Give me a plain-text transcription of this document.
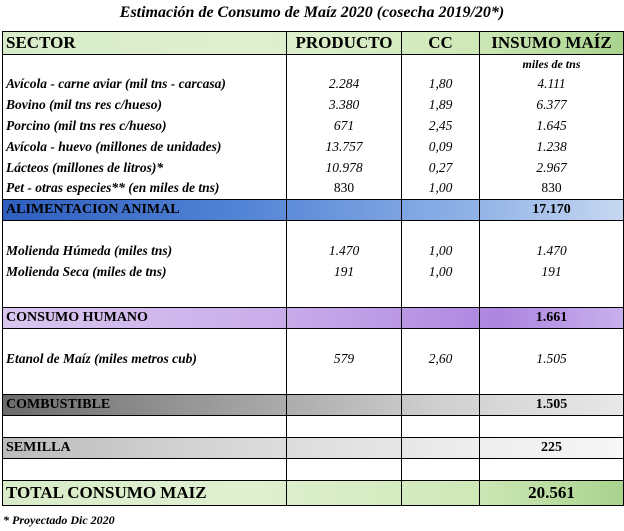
Estimación de Consumo de Maíz 2020 (cosecha 2019/20*)
SECTOR	PRODUCTO	CC	INSUMO MAÍZ
			miles de tns
Avícola - carne aviar (mil tns - carcasa)	2.284	1,80	4.111
Bovino (mil tns res c/hueso)	3.380	1,89	6.377
Porcino (mil tns res c/hueso)	671	2,45	1.645
Avícola - huevo (millones de unidades)	13.757	0,09	1.238
Lácteos (millones de litros)*	10.978	0,27	2.967
Pet - otras especies** (en miles de tns)	830	1,00	830
ALIMENTACION ANIMAL			17.170

Molienda Húmeda (miles tns)	1.470	1,00	1.470
Molienda Seca (miles de tns)	191	1,00	191

CONSUMO HUMANO			1.661

Etanol de Maíz (miles metros cub)	579	2,60	1.505

COMBUSTIBLE			1.505

SEMILLA			225

TOTAL CONSUMO MAIZ			20.561
* Proyectado Dic 2020
